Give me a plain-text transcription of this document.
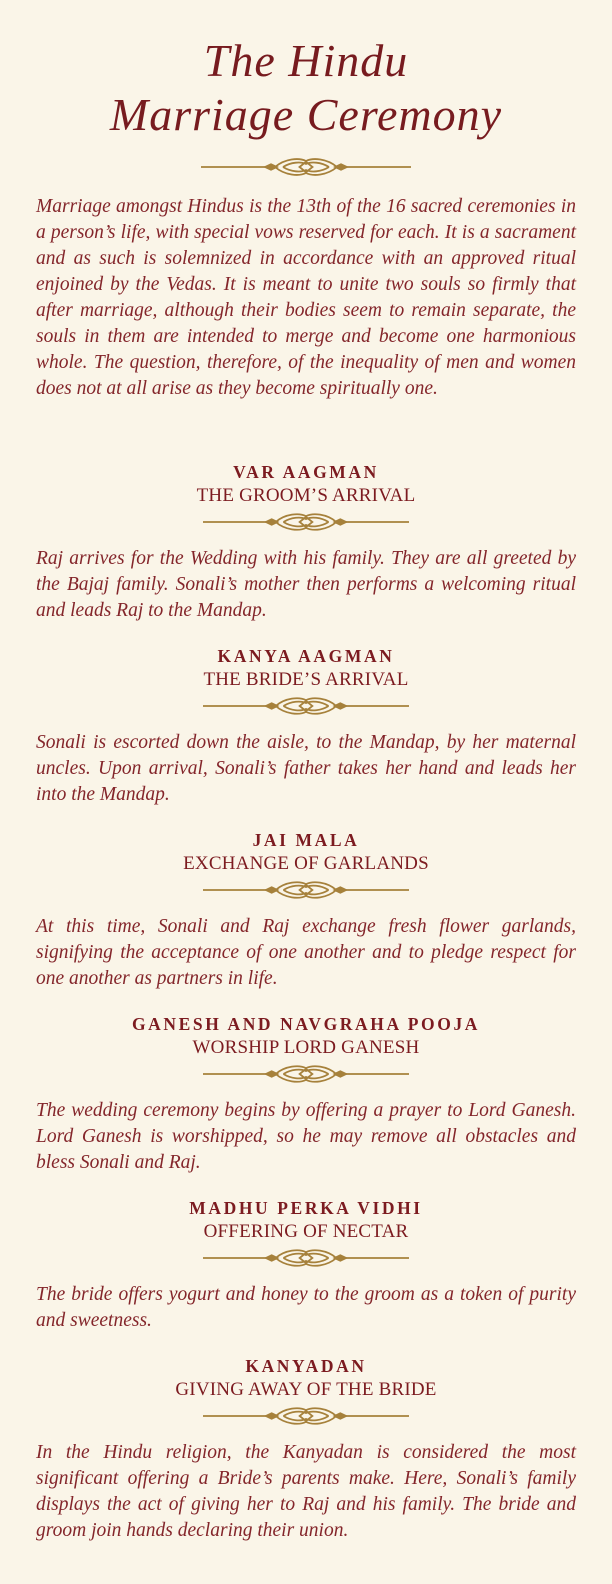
The Hindu
Marriage Ceremony

Marriage amongst Hindus is the 13th of the 16 sacred ceremonies in a person’s life, with special vows reserved for each. It is a sacrament and as such is solemnized in accordance with an approved ritual enjoined by the Vedas. It is meant to unite two souls so firmly that after marriage, although their bodies seem to remain separate, the souls in them are intended to merge and become one harmonious whole. The question, therefore, of the inequality of men and women does not at all arise as they become spiritually one.

VAR AAGMAN
THE GROOM’S ARRIVAL

Raj arrives for the Wedding with his family. They are all greeted by the Bajaj family. Sonali’s mother then performs a welcoming ritual and leads Raj to the Mandap.

KANYA AAGMAN
THE BRIDE’S ARRIVAL

Sonali is escorted down the aisle, to the Mandap, by her maternal uncles. Upon arrival, Sonali’s father takes her hand and leads her into the Mandap.

JAI MALA
EXCHANGE OF GARLANDS

At this time, Sonali and Raj exchange fresh flower garlands, signifying the acceptance of one another and to pledge respect for one another as partners in life.

GANESH AND NAVGRAHA POOJA
WORSHIP LORD GANESH

The wedding ceremony begins by offering a prayer to Lord Ganesh. Lord Ganesh is worshipped, so he may remove all obstacles and bless Sonali and Raj.

MADHU PERKA VIDHI
OFFERING OF NECTAR

The bride offers yogurt and honey to the groom as a token of purity and sweetness.

KANYADAN
GIVING AWAY OF THE BRIDE

In the Hindu religion, the Kanyadan is considered the most significant offering a Bride’s parents make. Here, Sonali’s family displays the act of giving her to Raj and his family. The bride and groom join hands declaring their union.
